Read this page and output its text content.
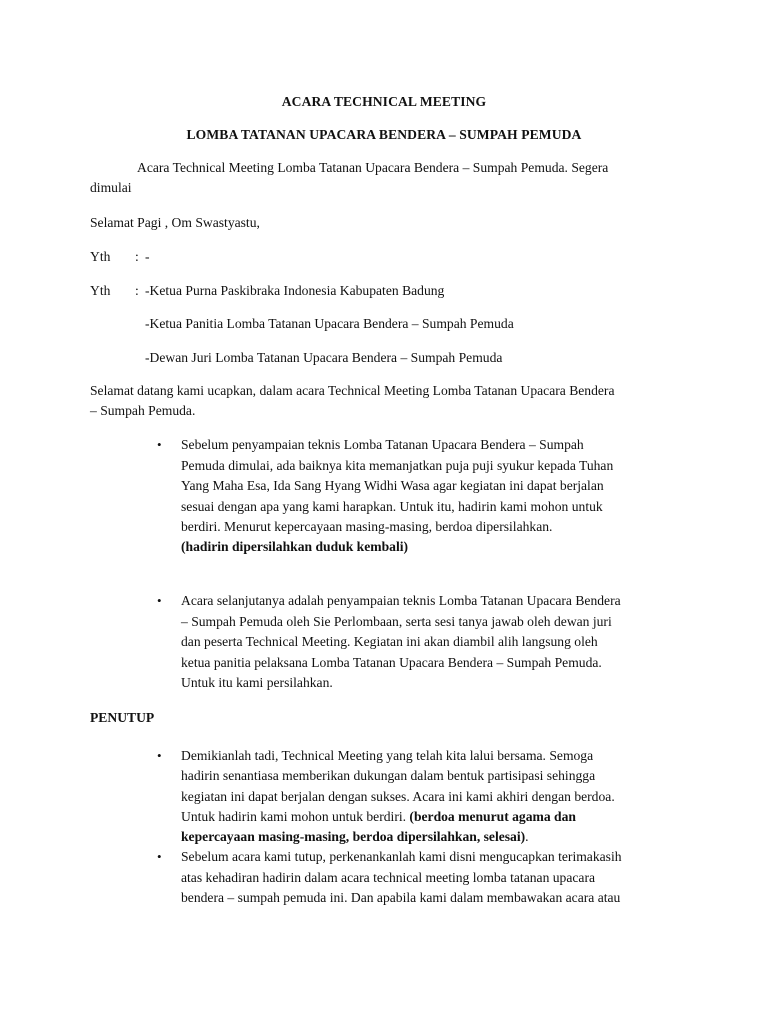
ACARA TECHNICAL MEETING
LOMBA TATANAN UPACARA BENDERA – SUMPAH PEMUDA
Acara Technical Meeting Lomba Tatanan Upacara Bendera – Sumpah Pemuda. Segera
dimulai
Selamat Pagi , Om Swastyastu,
Yth : -
Yth : -Ketua Purna Paskibraka Indonesia Kabupaten Badung
-Ketua Panitia Lomba Tatanan Upacara Bendera – Sumpah Pemuda
-Dewan Juri Lomba Tatanan Upacara Bendera – Sumpah Pemuda
Selamat datang kami ucapkan, dalam acara Technical Meeting Lomba Tatanan Upacara Bendera
– Sumpah Pemuda.
• Sebelum penyampaian teknis Lomba Tatanan Upacara Bendera – Sumpah
Pemuda dimulai, ada baiknya kita memanjatkan puja puji syukur kepada Tuhan
Yang Maha Esa, Ida Sang Hyang Widhi Wasa agar kegiatan ini dapat berjalan
sesuai dengan apa yang kami harapkan. Untuk itu, hadirin kami mohon untuk
berdiri. Menurut kepercayaan masing-masing, berdoa dipersilahkan.
(hadirin dipersilahkan duduk kembali)
• Acara selanjutanya adalah penyampaian teknis Lomba Tatanan Upacara Bendera
– Sumpah Pemuda oleh Sie Perlombaan, serta sesi tanya jawab oleh dewan juri
dan peserta Technical Meeting. Kegiatan ini akan diambil alih langsung oleh
ketua panitia pelaksana Lomba Tatanan Upacara Bendera – Sumpah Pemuda.
Untuk itu kami persilahkan.
PENUTUP
• Demikianlah tadi, Technical Meeting yang telah kita lalui bersama. Semoga
hadirin senantiasa memberikan dukungan dalam bentuk partisipasi sehingga
kegiatan ini dapat berjalan dengan sukses. Acara ini kami akhiri dengan berdoa.
Untuk hadirin kami mohon untuk berdiri. (berdoa menurut agama dan
kepercayaan masing-masing, berdoa dipersilahkan, selesai).
• Sebelum acara kami tutup, perkenankanlah kami disni mengucapkan terimakasih
atas kehadiran hadirin dalam acara technical meeting lomba tatanan upacara
bendera – sumpah pemuda ini. Dan apabila kami dalam membawakan acara atau
